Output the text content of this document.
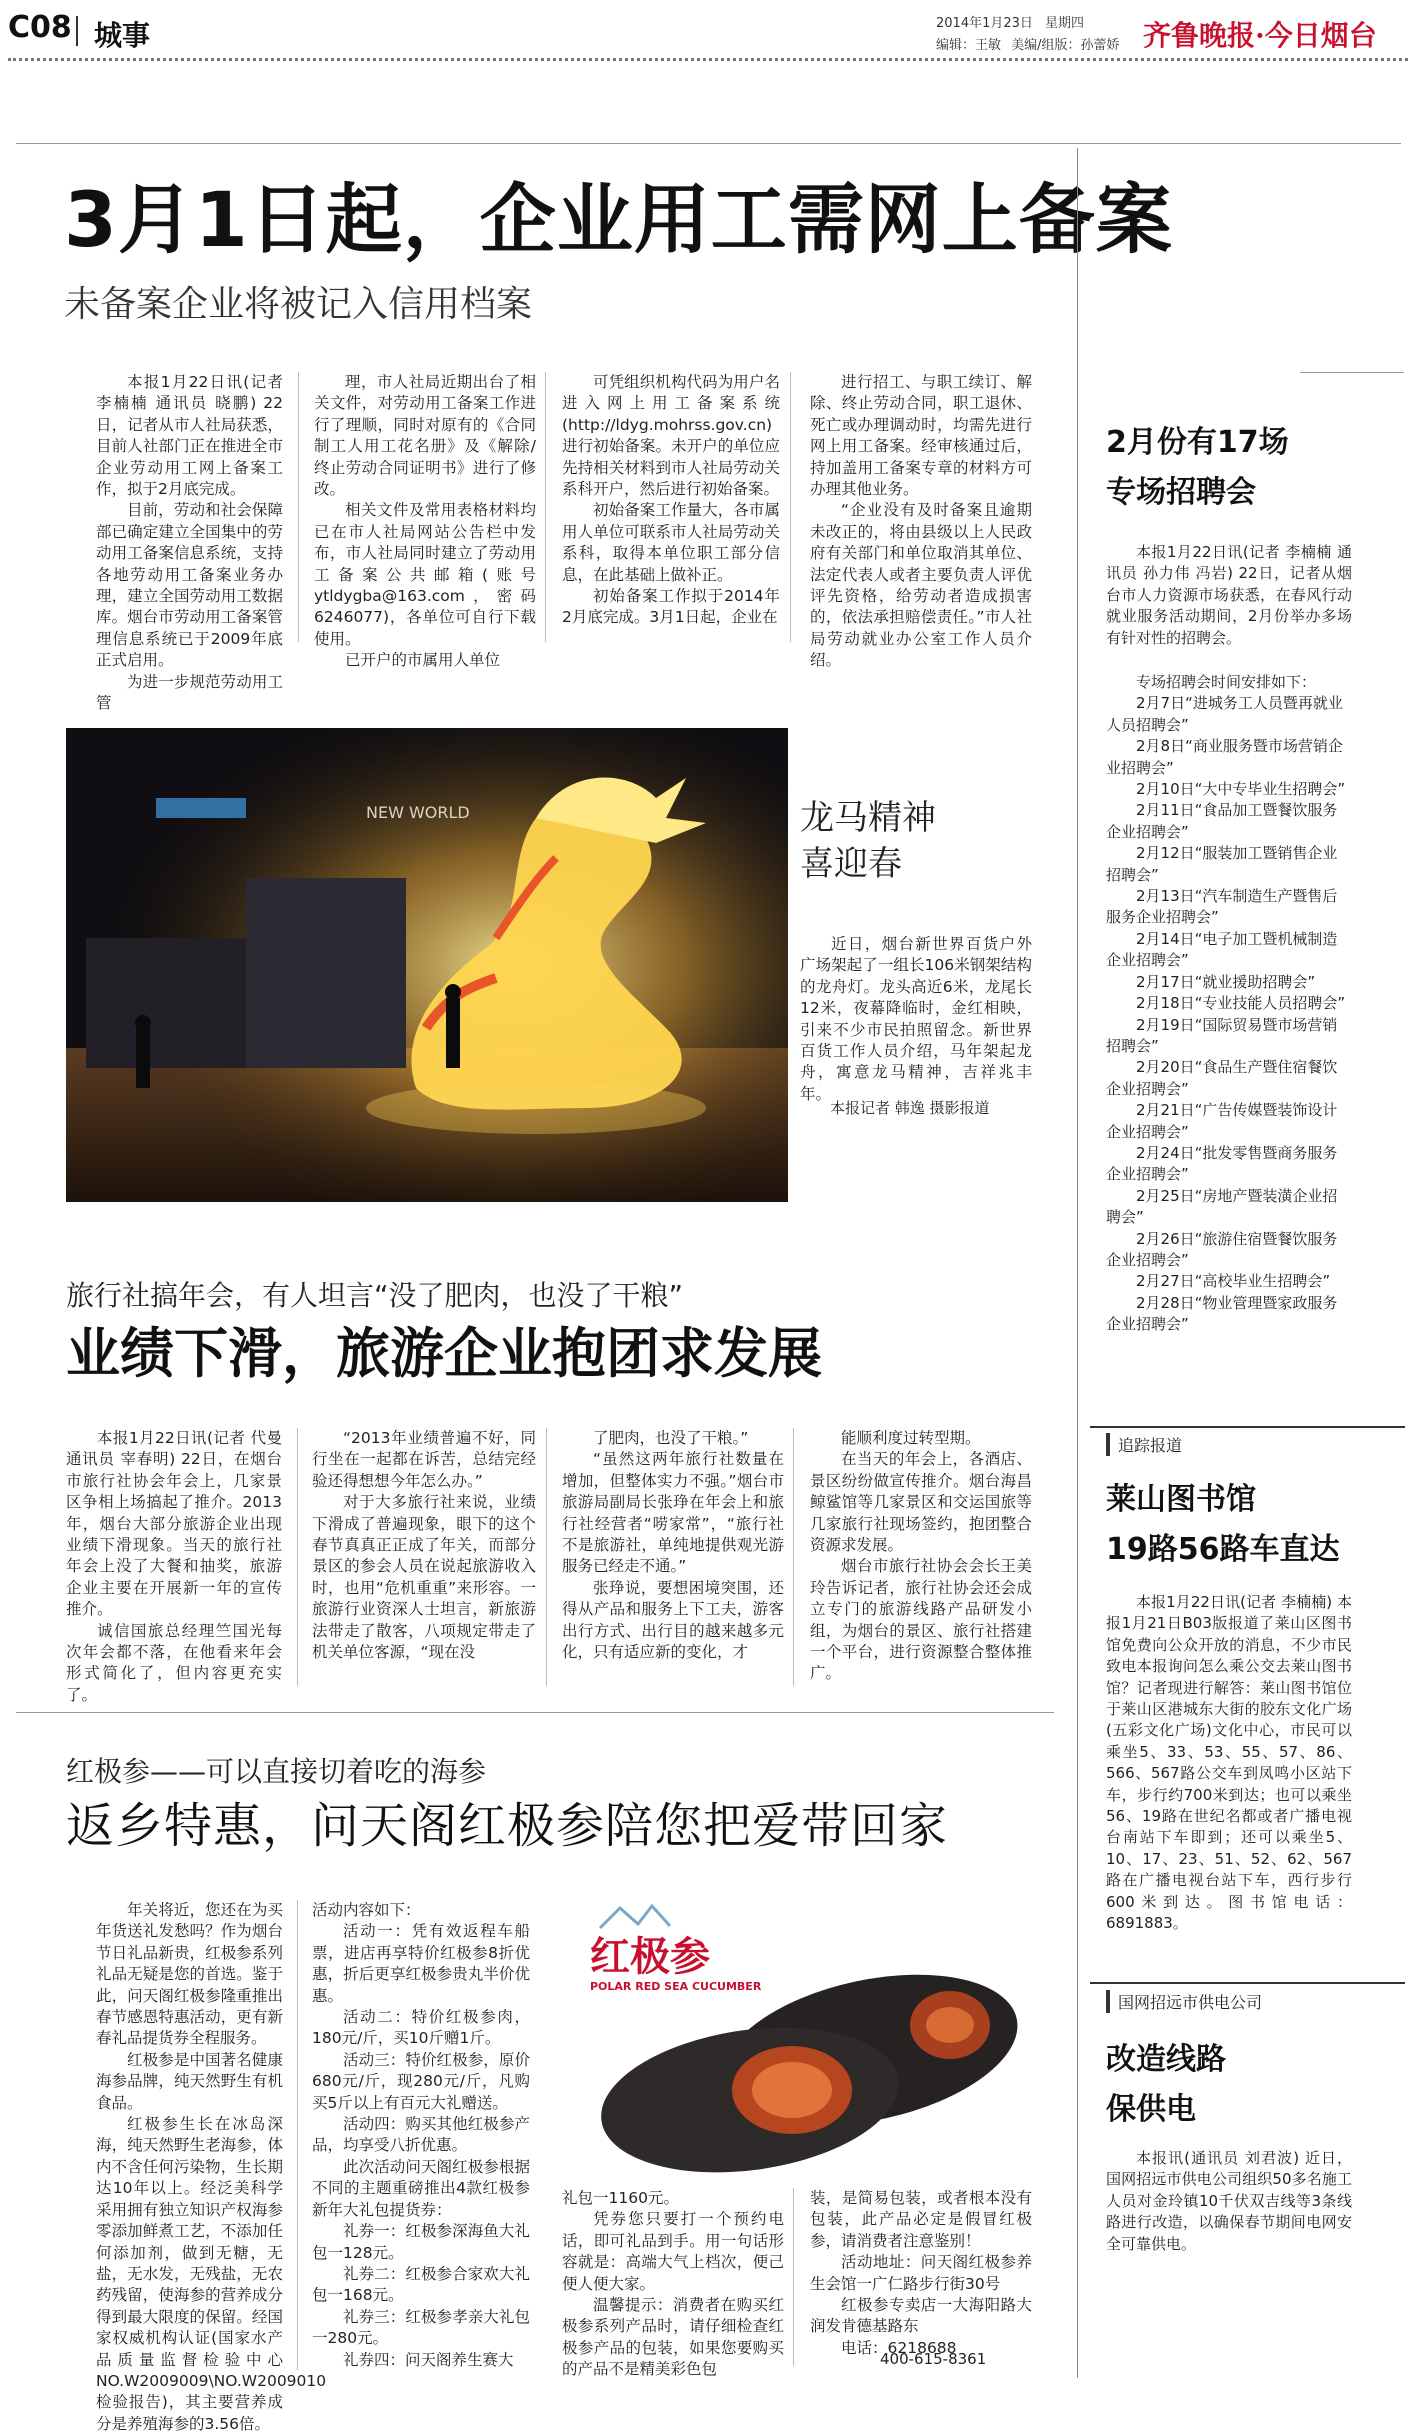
C08 城事	2014年1月23日 星期四
编辑：王敏 美编/组版：孙蕾娇 齐鲁晚报·今日烟台
3月1日起，企业用工需网上备案
未备案企业将被记入信用档案

本报1月22日讯(记者 李楠楠 通讯员 晓鹏) 22日，记者从市人社局获悉，目前人社部门正在推进全市企业劳动用工网上备案工作，拟于2月底完成。

目前，劳动和社会保障部已确定建立全国集中的劳动用工备案信息系统，支持各地劳动用工备案业务办理，建立全国劳动用工数据库。烟台市劳动用工备案管理信息系统已于2009年底正式启用。

为进一步规范劳动用工管

理，市人社局近期出台了相关文件，对劳动用工备案工作进行了理顺，同时对原有的《合同制工人用工花名册》及《解除/终止劳动合同证明书》进行了修改。

相关文件及常用表格材料均已在市人社局网站公告栏中发布，市人社局同时建立了劳动用工备案公共邮箱(账号ytldygba@163.com，密码6246077)，各单位可自行下载使用。

已开户的市属用人单位

可凭组织机构代码为用户名进入网上用工备案系统(http://ldyg.mohrss.gov.cn)进行初始备案。未开户的单位应先持相关材料到市人社局劳动关系科开户，然后进行初始备案。

初始备案工作量大，各市属用人单位可联系市人社局劳动关系科，取得本单位职工部分信息，在此基础上做补正。

初始备案工作拟于2014年2月底完成。3月1日起，企业在

进行招工、与职工续订、解除、终止劳动合同，职工退休、死亡或办理调动时，均需先进行网上用工备案。经审核通过后，持加盖用工备案专章的材料方可办理其他业务。

“企业没有及时备案且逾期未改正的，将由县级以上人民政府有关部门和单位取消其单位、法定代表人或者主要负责人评优评先资格，给劳动者造成损害的，依法承担赔偿责任。”市人社局劳动就业办公室工作人员介绍。

NEW WORLD	龙马精神
喜迎春
近日，烟台新世界百货户外广场架起了一组长106米钢架结构的龙舟灯。龙头高近6米，龙尾长12米，夜幕降临时，金红相映，引来不少市民拍照留念。新世界百货工作人员介绍，马年架起龙舟，寓意龙马精神，吉祥兆丰年。
本报记者 韩逸 摄影报道
旅行社搞年会，有人坦言“没了肥肉，也没了干粮”
业绩下滑，旅游企业抱团求发展

本报1月22日讯(记者 代曼 通讯员 宰春明) 22日，在烟台市旅行社协会年会上，几家景区争相上场搞起了推介。2013年，烟台大部分旅游企业出现业绩下滑现象。当天的旅行社年会上没了大餐和抽奖，旅游企业主要在开展新一年的宣传推介。

诚信国旅总经理竺国光每次年会都不落，在他看来年会形式简化了，但内容更充实了。

“2013年业绩普遍不好，同行坐在一起都在诉苦，总结完经验还得想想今年怎么办。”

对于大多旅行社来说，业绩下滑成了普遍现象，眼下的这个春节真真正正成了年关，而部分景区的参会人员在说起旅游收入时，也用“危机重重”来形容。一旅游行业资深人士坦言，新旅游法带走了散客，八项规定带走了机关单位客源，“现在没

了肥肉，也没了干粮。”

“虽然这两年旅行社数量在增加，但整体实力不强。”烟台市旅游局副局长张琤在年会上和旅行社经营者“唠家常”，“旅行社不是旅游社，单纯地提供观光游服务已经走不通。”

张琤说，要想困境突围，还得从产品和服务上下工夫，游客出行方式、出行目的越来越多元化，只有适应新的变化，才

能顺利度过转型期。

在当天的年会上，各酒店、景区纷纷做宣传推介。烟台海昌鲸鲨馆等几家景区和交运国旅等几家旅行社现场签约，抱团整合资源求发展。

烟台市旅行社协会会长王美玲告诉记者，旅行社协会还会成立专门的旅游线路产品研发小组，为烟台的景区、旅行社搭建一个平台，进行资源整合整体推广。

红极参——可以直接切着吃的海参
返乡特惠，问天阁红极参陪您把爱带回家

年关将近，您还在为买年货送礼发愁吗？作为烟台节日礼品新贵，红极参系列礼品无疑是您的首选。鉴于此，问天阁红极参隆重推出春节感恩特惠活动，更有新春礼品提货券全程服务。

红极参是中国著名健康海参品牌，纯天然野生有机食品。

红极参生长在冰岛深海，纯天然野生老海参，体内不含任何污染物，生长期达10年以上。经泛美科学采用拥有独立知识产权海参零添加鲜煮工艺，不添加任何添加剂，做到无糖，无盐，无水发，无残盐，无农药残留，使海参的营养成分得到最大限度的保留。经国家权威机构认证(国家水产品质量监督检验中心NO.W2009009\NO.W2009010检验报告)，其主要营养成分是养殖海参的3.56倍。

活动内容如下：

活动一：凭有效返程车船票，进店再享特价红极参8折优惠，折后更享红极参贵丸半价优惠。

活动二：特价红极参肉，180元/斤，买10斤赠1斤。

活动三：特价红极参，原价680元/斤，现280元/斤，凡购买5斤以上有百元大礼赠送。

活动四：购买其他红极参产品，均享受八折优惠。

此次活动问天阁红极参根据不同的主题重磅推出4款红极参新年大礼包提货券：

礼券一：红极参深海鱼大礼包一128元。

礼券二：红极参合家欢大礼包一168元。

礼券三：红极参孝亲大礼包一280元。

礼券四：问天阁养生赛大

红极参
POLAR RED SEA CUCUMBER

礼包一1160元。

凭券您只要打一个预约电话，即可礼品到手。用一句话形容就是：高端大气上档次，便己便人便大家。

温馨提示：消费者在购买红极参系列产品时，请仔细检查红极参产品的包装，如果您要购买的产品不是精美彩色包

装，是简易包装，或者根本没有包装，此产品必定是假冒红极参，请消费者注意鉴别！

活动地址：问天阁红极参养生会馆一广仁路步行街30号

红极参专卖店一大海阳路大润发肯德基路东

电话：6218688

400-615-8361
2月份有17场
专场招聘会
本报1月22日讯(记者 李楠楠 通讯员 孙力伟 冯岩) 22日，记者从烟台市人力资源市场获悉，在春风行动就业服务活动期间，2月份举办多场有针对性的招聘会。
专场招聘会时间安排如下：
2月7日“进城务工人员暨再就业人员招聘会”
2月8日“商业服务暨市场营销企业招聘会”
2月10日“大中专毕业生招聘会”
2月11日“食品加工暨餐饮服务企业招聘会”
2月12日“服装加工暨销售企业招聘会”
2月13日“汽车制造生产暨售后服务企业招聘会”
2月14日“电子加工暨机械制造企业招聘会”
2月17日“就业援助招聘会”
2月18日“专业技能人员招聘会”
2月19日“国际贸易暨市场营销招聘会”
2月20日“食品生产暨住宿餐饮企业招聘会”
2月21日“广告传媒暨装饰设计企业招聘会”
2月24日“批发零售暨商务服务企业招聘会”
2月25日“房地产暨装潢企业招聘会”
2月26日“旅游住宿暨餐饮服务企业招聘会”
2月27日“高校毕业生招聘会”
2月28日“物业管理暨家政服务企业招聘会”
追踪报道
莱山图书馆
19路56路车直达
本报1月22日讯(记者 李楠楠) 本报1月21日B03版报道了莱山区图书馆免费向公众开放的消息，不少市民致电本报询问怎么乘公交去莱山图书馆？记者现进行解答：莱山图书馆位于莱山区港城东大街的胶东文化广场(五彩文化广场)文化中心，市民可以乘坐5、33、53、55、57、86、566、567路公交车到凤鸣小区站下车，步行约700米到达；也可以乘坐56、19路在世纪名都或者广播电视台南站下车即到；还可以乘坐5、10、17、23、51、52、62、567路在广播电视台站下车，西行步行600米到达。图书馆电话：6891883。
国网招远市供电公司
改造线路
保供电
本报讯(通讯员 刘君波) 近日，国网招远市供电公司组织50多名施工人员对金玲镇10千伏双吉线等3条线路进行改造，以确保春节期间电网安全可靠供电。
